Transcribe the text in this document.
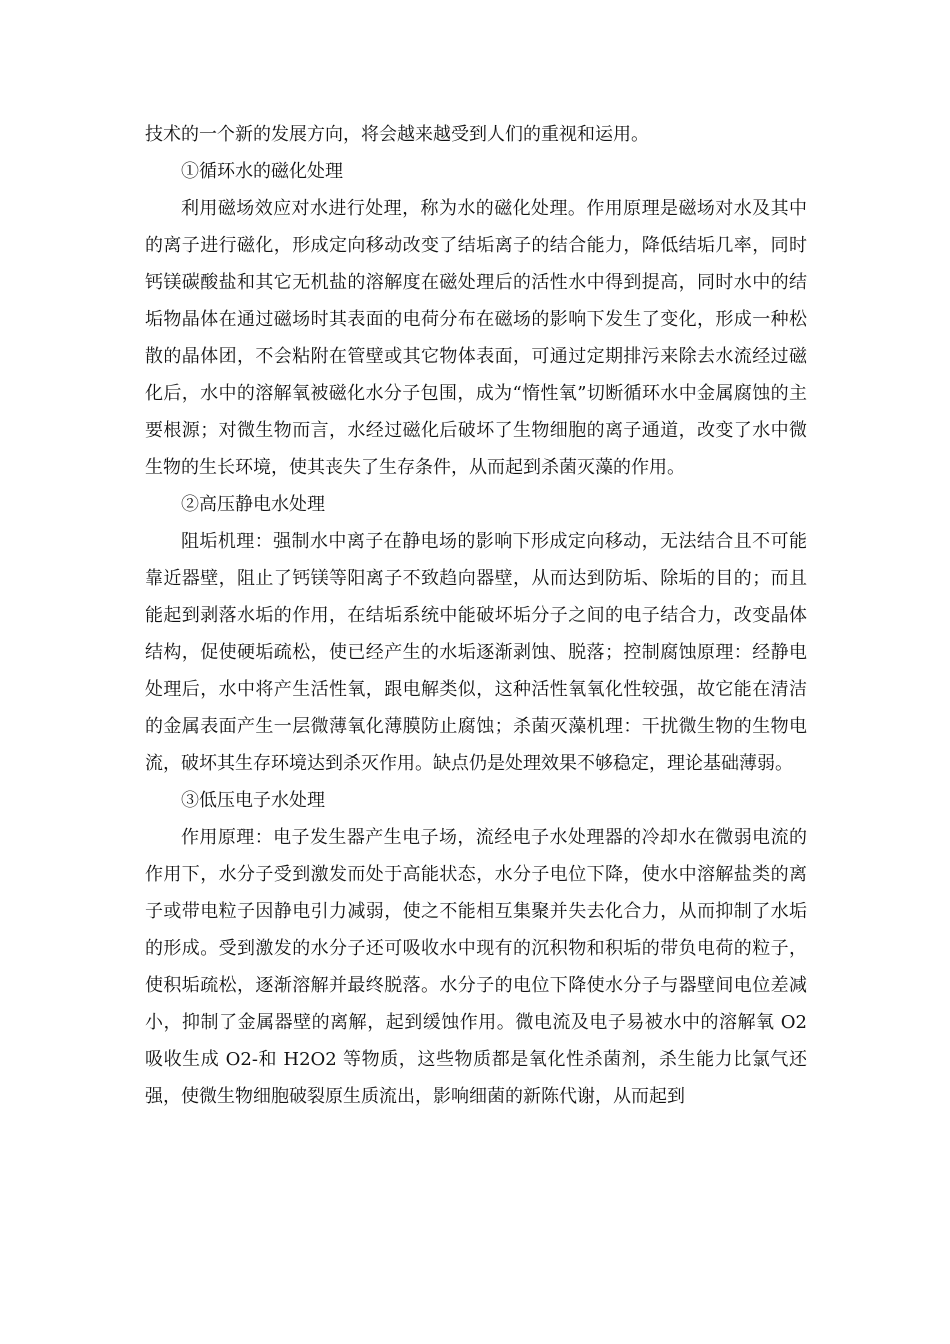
技术的一个新的发展方向，将会越来越受到人们的重视和运用。

①循环水的磁化处理

利用磁场效应对水进行处理，称为水的磁化处理。作用原理是磁场对水及其中的离子进行磁化，形成定向移动改变了结垢离子的结合能力，降低结垢几率，同时钙镁碳酸盐和其它无机盐的溶解度在磁处理后的活性水中得到提高，同时水中的结垢物晶体在通过磁场时其表面的电荷分布在磁场的影响下发生了变化，形成一种松散的晶体团，不会粘附在管壁或其它物体表面，可通过定期排污来除去水流经过磁化后，水中的溶解氧被磁化水分子包围，成为“惰性氧”切断循环水中金属腐蚀的主要根源；对微生物而言，水经过磁化后破坏了生物细胞的离子通道，改变了水中微生物的生长环境，使其丧失了生存条件，从而起到杀菌灭藻的作用。

②高压静电水处理

阻垢机理：强制水中离子在静电场的影响下形成定向移动，无法结合且不可能靠近器壁，阻止了钙镁等阳离子不致趋向器壁，从而达到防垢、除垢的目的；而且能起到剥落水垢的作用，在结垢系统中能破坏垢分子之间的电子结合力，改变晶体结构，促使硬垢疏松，使已经产生的水垢逐渐剥蚀、脱落；控制腐蚀原理：经静电处理后，水中将产生活性氧，跟电解类似，这种活性氧氧化性较强，故它能在清洁的金属表面产生一层微薄氧化薄膜防止腐蚀；杀菌灭藻机理：干扰微生物的生物电流，破坏其生存环境达到杀灭作用。缺点仍是处理效果不够稳定，理论基础薄弱。

③低压电子水处理

作用原理：电子发生器产生电子场，流经电子水处理器的冷却水在微弱电流的作用下，水分子受到激发而处于高能状态，水分子电位下降，使水中溶解盐类的离子或带电粒子因静电引力减弱，使之不能相互集聚并失去化合力，从而抑制了水垢的形成。受到激发的水分子还可吸收水中现有的沉积物和积垢的带负电荷的粒子，使积垢疏松，逐渐溶解并最终脱落。水分子的电位下降使水分子与器壁间电位差减小，抑制了金属器壁的离解，起到缓蚀作用。微电流及电子易被水中的溶解氧 O2 吸收生成 O2-和 H2O2 等物质，这些物质都是氧化性杀菌剂，杀生能力比氯气还强，使微生物细胞破裂原生质流出，影响细菌的新陈代谢，从而起到
